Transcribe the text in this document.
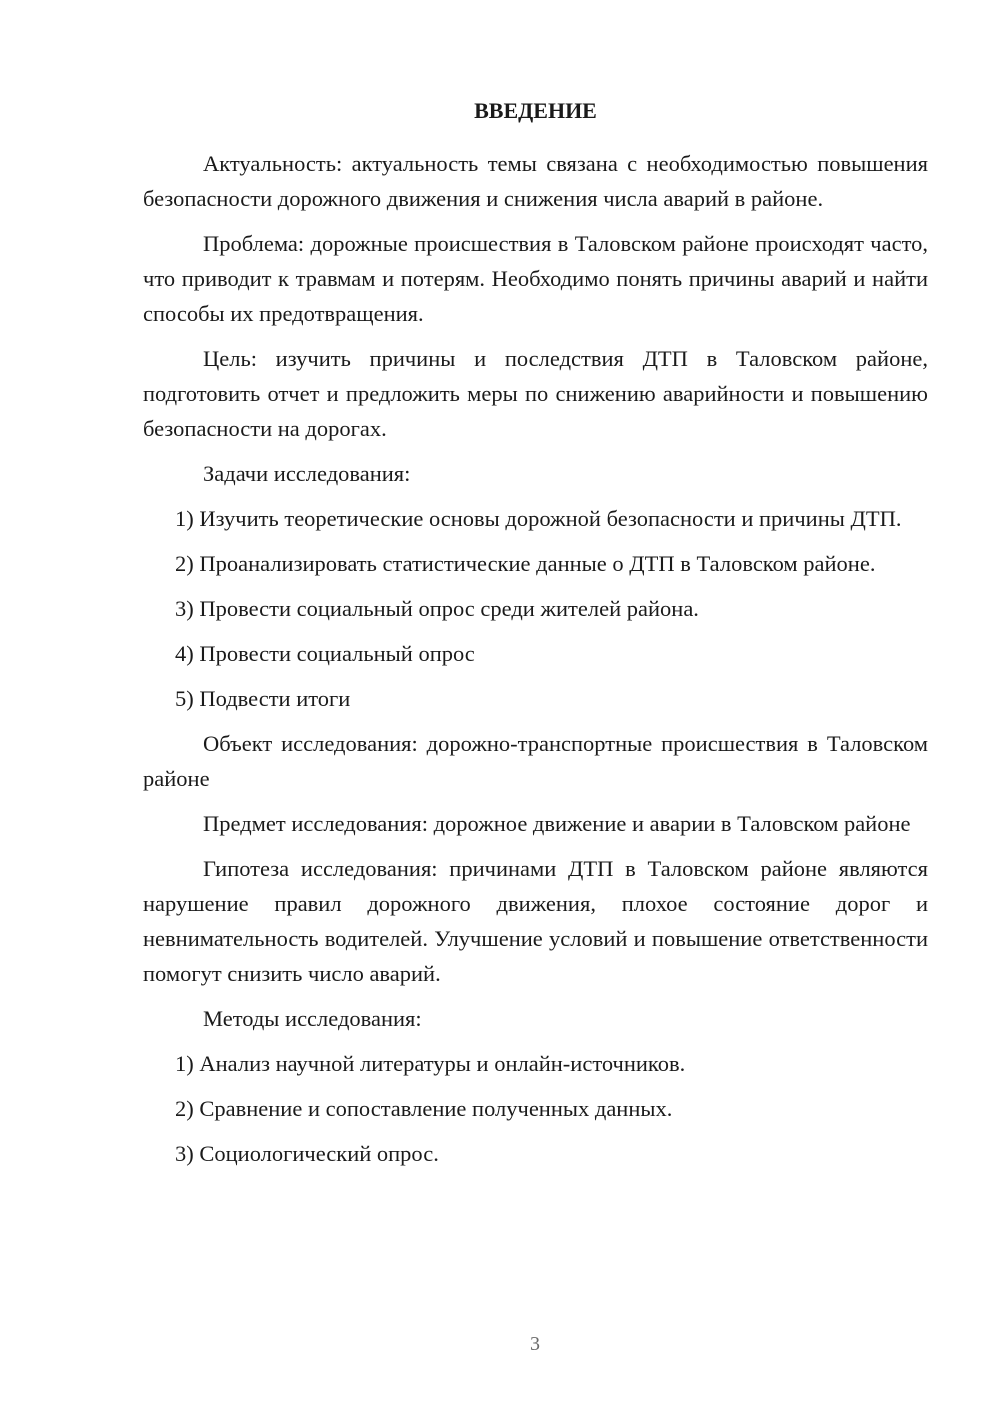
ВВЕДЕНИЕ

Актуальность: актуальность темы связана с необходимостью повышения безопасности дорожного движения и снижения числа аварий в районе.

Проблема: дорожные происшествия в Таловском районе происходят часто, что приводит к травмам и потерям. Необходимо понять причины аварий и найти способы их предотвращения.

Цель: изучить причины и последствия ДТП в Таловском районе, подготовить отчет и предложить меры по снижению аварийности и повышению безопасности на дорогах.

Задачи исследования:

1) Изучить теоретические основы дорожной безопасности и причины ДТП.

2) Проанализировать статистические данные о ДТП в Таловском районе.

3) Провести социальный опрос среди жителей района.

4) Провести социальный опрос

5) Подвести итоги

Объект исследования: дорожно-транспортные происшествия в Таловском районе

Предмет исследования: дорожное движение и аварии в Таловском районе

Гипотеза исследования: причинами ДТП в Таловском районе являются нарушение правил дорожного движения, плохое состояние дорог и невнимательность водителей. Улучшение условий и повышение ответственности помогут снизить число аварий.

Методы исследования:

1) Анализ научной литературы и онлайн-источников.

2) Сравнение и сопоставление полученных данных.

3) Социологический опрос.

3
